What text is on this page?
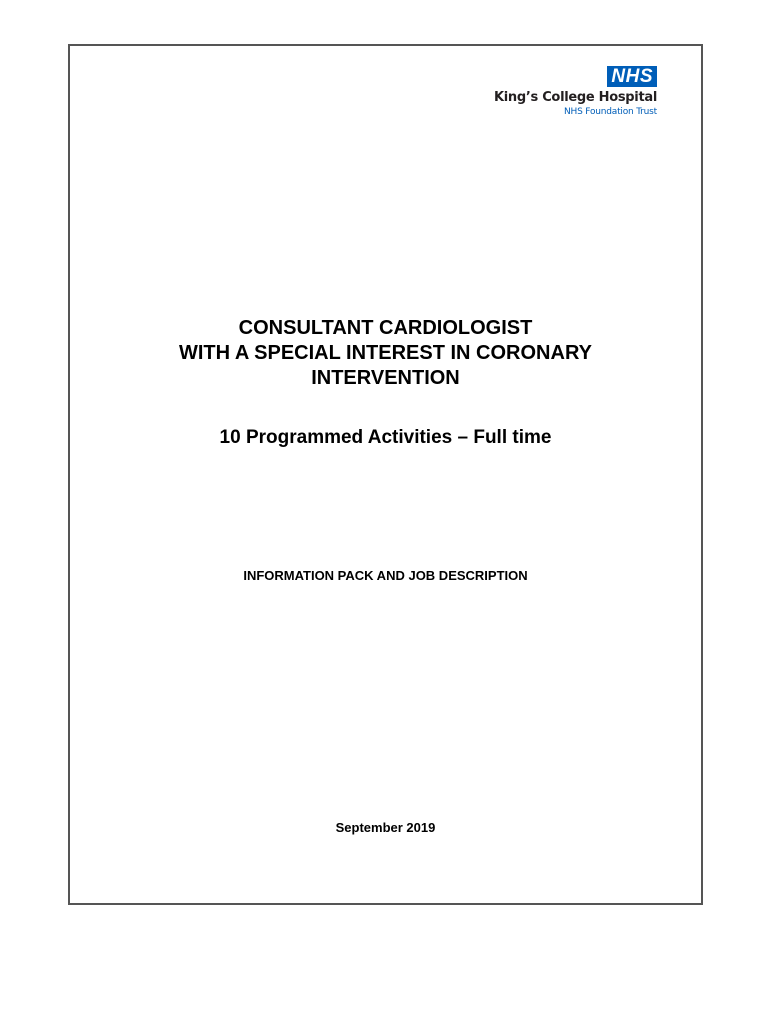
NHS
King’s College Hospital
NHS Foundation Trust
CONSULTANT CARDIOLOGIST
WITH A SPECIAL INTEREST IN CORONARY
INTERVENTION
10 Programmed Activities – Full time
INFORMATION PACK AND JOB DESCRIPTION
September 2019
